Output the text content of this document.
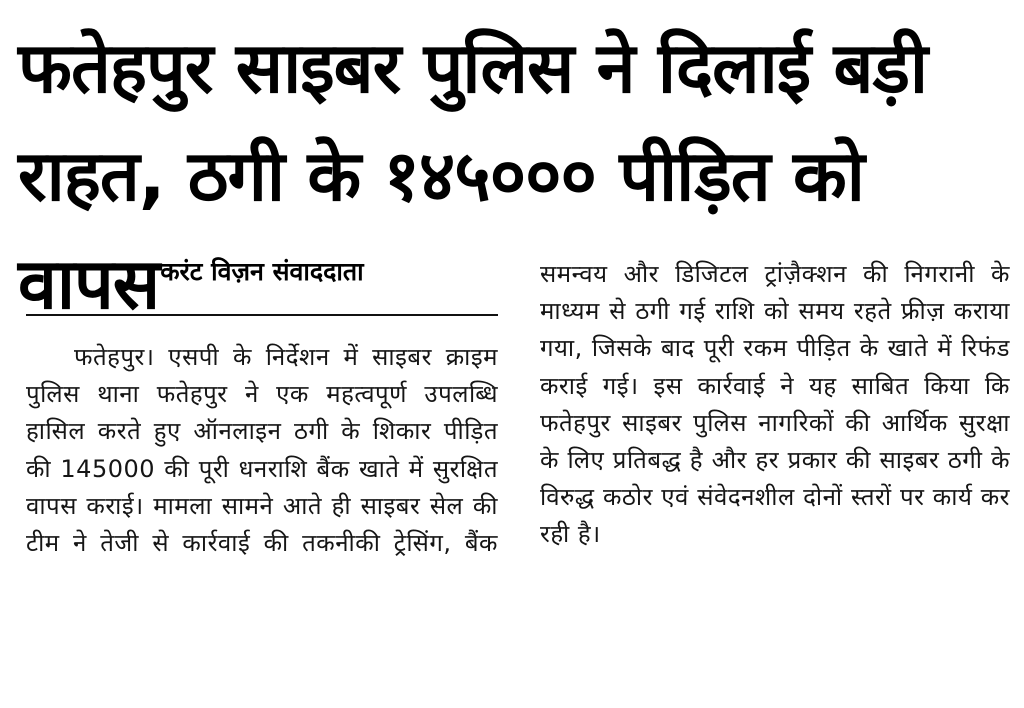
फतेहपुर साइबर पुलिस ने दिलाई बड़ी राहत, ठगी के १४५००० पीड़ित को वापस करंट विज़न संवाददाता

फतेहपुर। एसपी के निर्देशन में साइबर क्राइम पुलिस थाना फतेहपुर ने एक महत्वपूर्ण उपलब्धि हासिल करते हुए ऑनलाइन ठगी के शिकार पीड़ित की 145000 की पूरी धनराशि बैंक खाते में सुरक्षित वापस कराई। मामला सामने आते ही साइबर सेल की टीम ने तेजी से कार्रवाई की तकनीकी ट्रेसिंग, बैंक

समन्वय और डिजिटल ट्रांज़ैक्शन की निगरानी के माध्यम से ठगी गई राशि को समय रहते फ्रीज़ कराया गया, जिसके बाद पूरी रकम पीड़ित के खाते में रिफंड कराई गई। इस कार्रवाई ने यह साबित किया कि फतेहपुर साइबर पुलिस नागरिकों की आर्थिक सुरक्षा के लिए प्रतिबद्ध है और हर प्रकार की साइबर ठगी के विरुद्ध कठोर एवं संवेदनशील दोनों स्तरों पर कार्य कर रही है।
